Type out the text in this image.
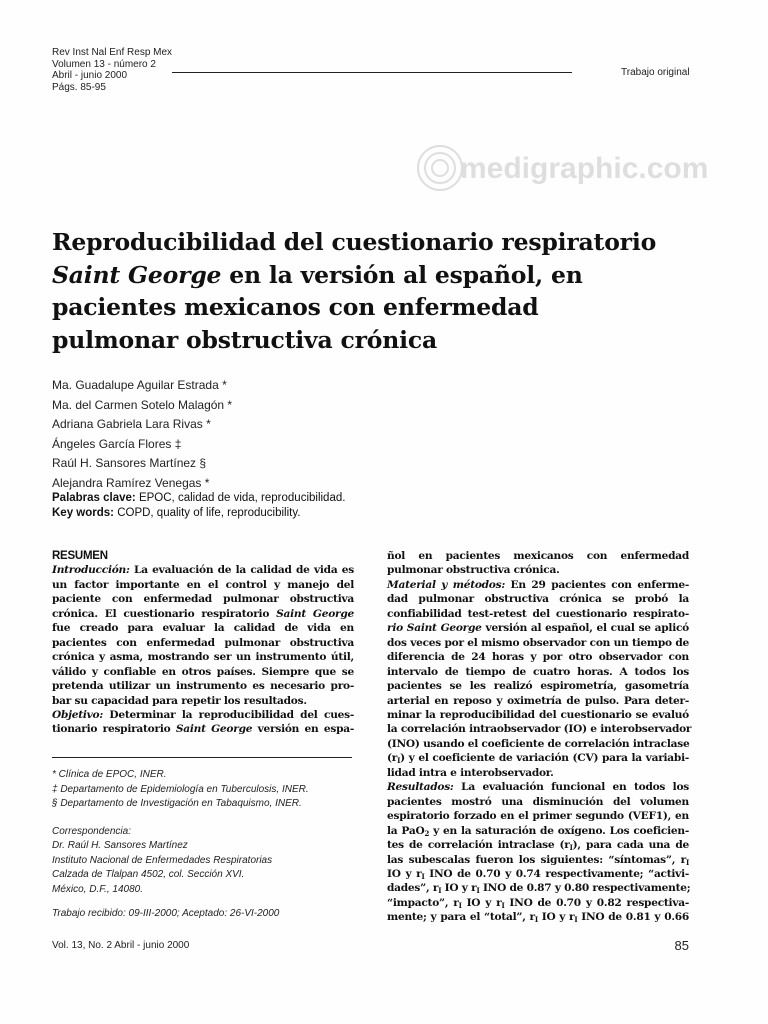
Rev Inst Nal Enf Resp Mex
Volumen 13 - número 2
Abril - junio 2000
Págs. 85-95
Trabajo original
medigraphic.com
Reproducibilidad del cuestionario respiratorio
Saint George en la versión al español, en
pacientes mexicanos con enfermedad
pulmonar obstructiva crónica
Ma. Guadalupe Aguilar Estrada *
Ma. del Carmen Sotelo Malagón *
Adriana Gabriela Lara Rivas *
Ángeles García Flores ‡
Raúl H. Sansores Martínez §
Alejandra Ramírez Venegas *
Palabras clave: EPOC, calidad de vida, reproducibilidad.
Key words: COPD, quality of life, reproducibility.
RESUMEN
Introducción: La evaluación de la calidad de vida es
un factor importante en el control y manejo del
paciente con enfermedad pulmonar obstructiva
crónica. El cuestionario respiratorio Saint George
fue creado para evaluar la calidad de vida en
pacientes con enfermedad pulmonar obstructiva
crónica y asma, mostrando ser un instrumento útil,
válido y confiable en otros países. Siempre que se
pretenda utilizar un instrumento es necesario pro-
bar su capacidad para repetir los resultados.
Objetivo: Determinar la reproducibilidad del cues-
tionario respiratorio Saint George versión en espa-
ñol en pacientes mexicanos con enfermedad
pulmonar obstructiva crónica.
Material y métodos: En 29 pacientes con enferme-
dad pulmonar obstructiva crónica se probó la
confiabilidad test-retest del cuestionario respirato-
rio Saint George versión al español, el cual se aplicó
dos veces por el mismo observador con un tiempo de
diferencia de 24 horas y por otro observador con
intervalo de tiempo de cuatro horas. A todos los
pacientes se les realizó espirometría, gasometría
arterial en reposo y oximetría de pulso. Para deter-
minar la reproducibilidad del cuestionario se evaluó
la correlación intraobservador (IO) e interobservador
(INO) usando el coeficiente de correlación intraclase
$(r_I)$ y el coeficiente de variación (CV) para la variabi-
lidad intra e interobservador.
Resultados: La evaluación funcional en todos los
pacientes mostró una disminución del volumen
espiratorio forzado en el primer segundo (VEF1), en
la PaO$_2$ y en la saturación de oxígeno. Los coeficien-
tes de correlación intraclase $(r_I)$, para cada una de
las subescalas fueron los siguientes: “síntomas”, $r_I$
IO y $r_I$ INO de 0.70 y 0.74 respectivamente; “activi-
dades”, $r_I$ IO y $r_I$ INO de 0.87 y 0.80 respectivamente;
“impacto”, $r_I$ IO y $r_I$ INO de 0.70 y 0.82 respectiva-
mente; y para el “total”, $r_I$ IO y $r_I$ INO de 0.81 y 0.66
* Clínica de EPOC, INER.
‡ Departamento de Epidemiología en Tuberculosis, INER.
§ Departamento de Investigación en Tabaquismo, INER.
Correspondencia:
Dr. Raúl H. Sansores Martínez
Instituto Nacional de Enfermedades Respiratorias
Calzada de Tlalpan 4502, col. Sección XVI.
México, D.F., 14080.
Trabajo recibido: 09-III-2000; Aceptado: 26-VI-2000
Vol. 13, No. 2 Abril - junio 2000	85
